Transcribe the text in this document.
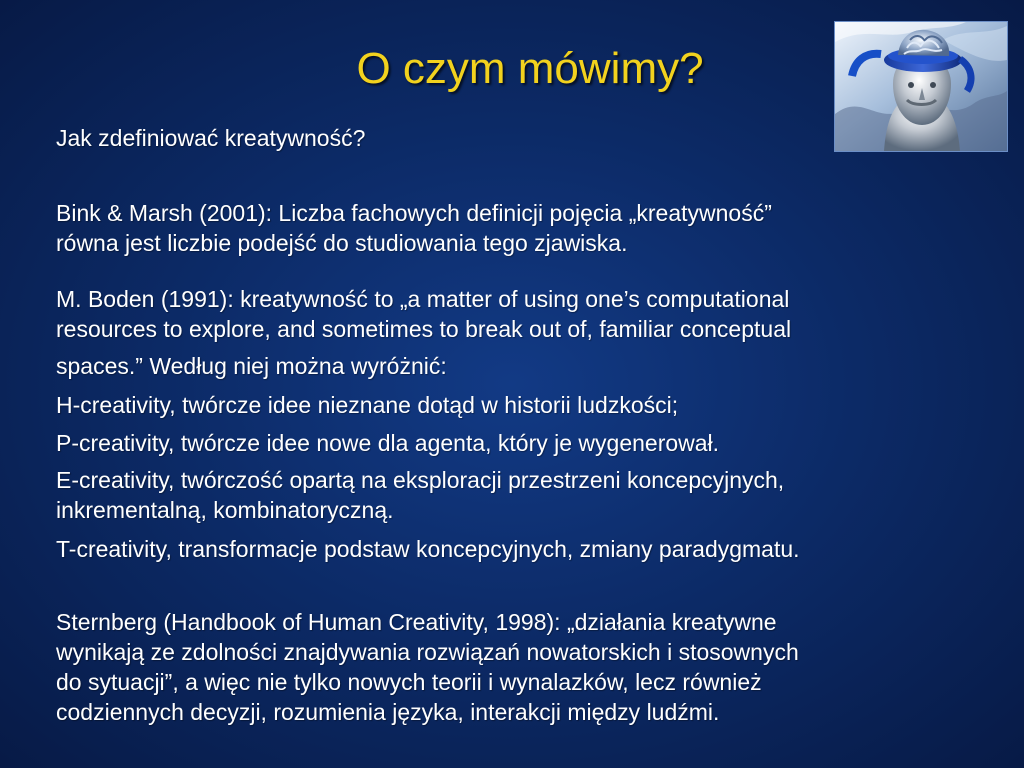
O czym mówimy?

Jak zdefiniować kreatywność?

Bink & Marsh (2001): Liczba fachowych definicji pojęcia „kreatywność”
równa jest liczbie podejść do studiowania tego zjawiska.

M. Boden (1991): kreatywność to „a matter of using one’s computational
resources to explore, and sometimes to break out of, familiar conceptual
spaces.” Według niej można wyróżnić:

H-creativity, twórcze idee nieznane dotąd w historii ludzkości;

P-creativity, twórcze idee nowe dla agenta, który je wygenerował.

E-creativity, twórczość opartą na eksploracji przestrzeni koncepcyjnych,
inkrementalną, kombinatoryczną.

T-creativity, transformacje podstaw koncepcyjnych, zmiany paradygmatu.

Sternberg (Handbook of Human Creativity, 1998): „działania kreatywne
wynikają ze zdolności znajdywania rozwiązań nowatorskich i stosownych
do sytuacji”, a więc nie tylko nowych teorii i wynalazków, lecz również
codziennych decyzji, rozumienia języka, interakcji między ludźmi.
